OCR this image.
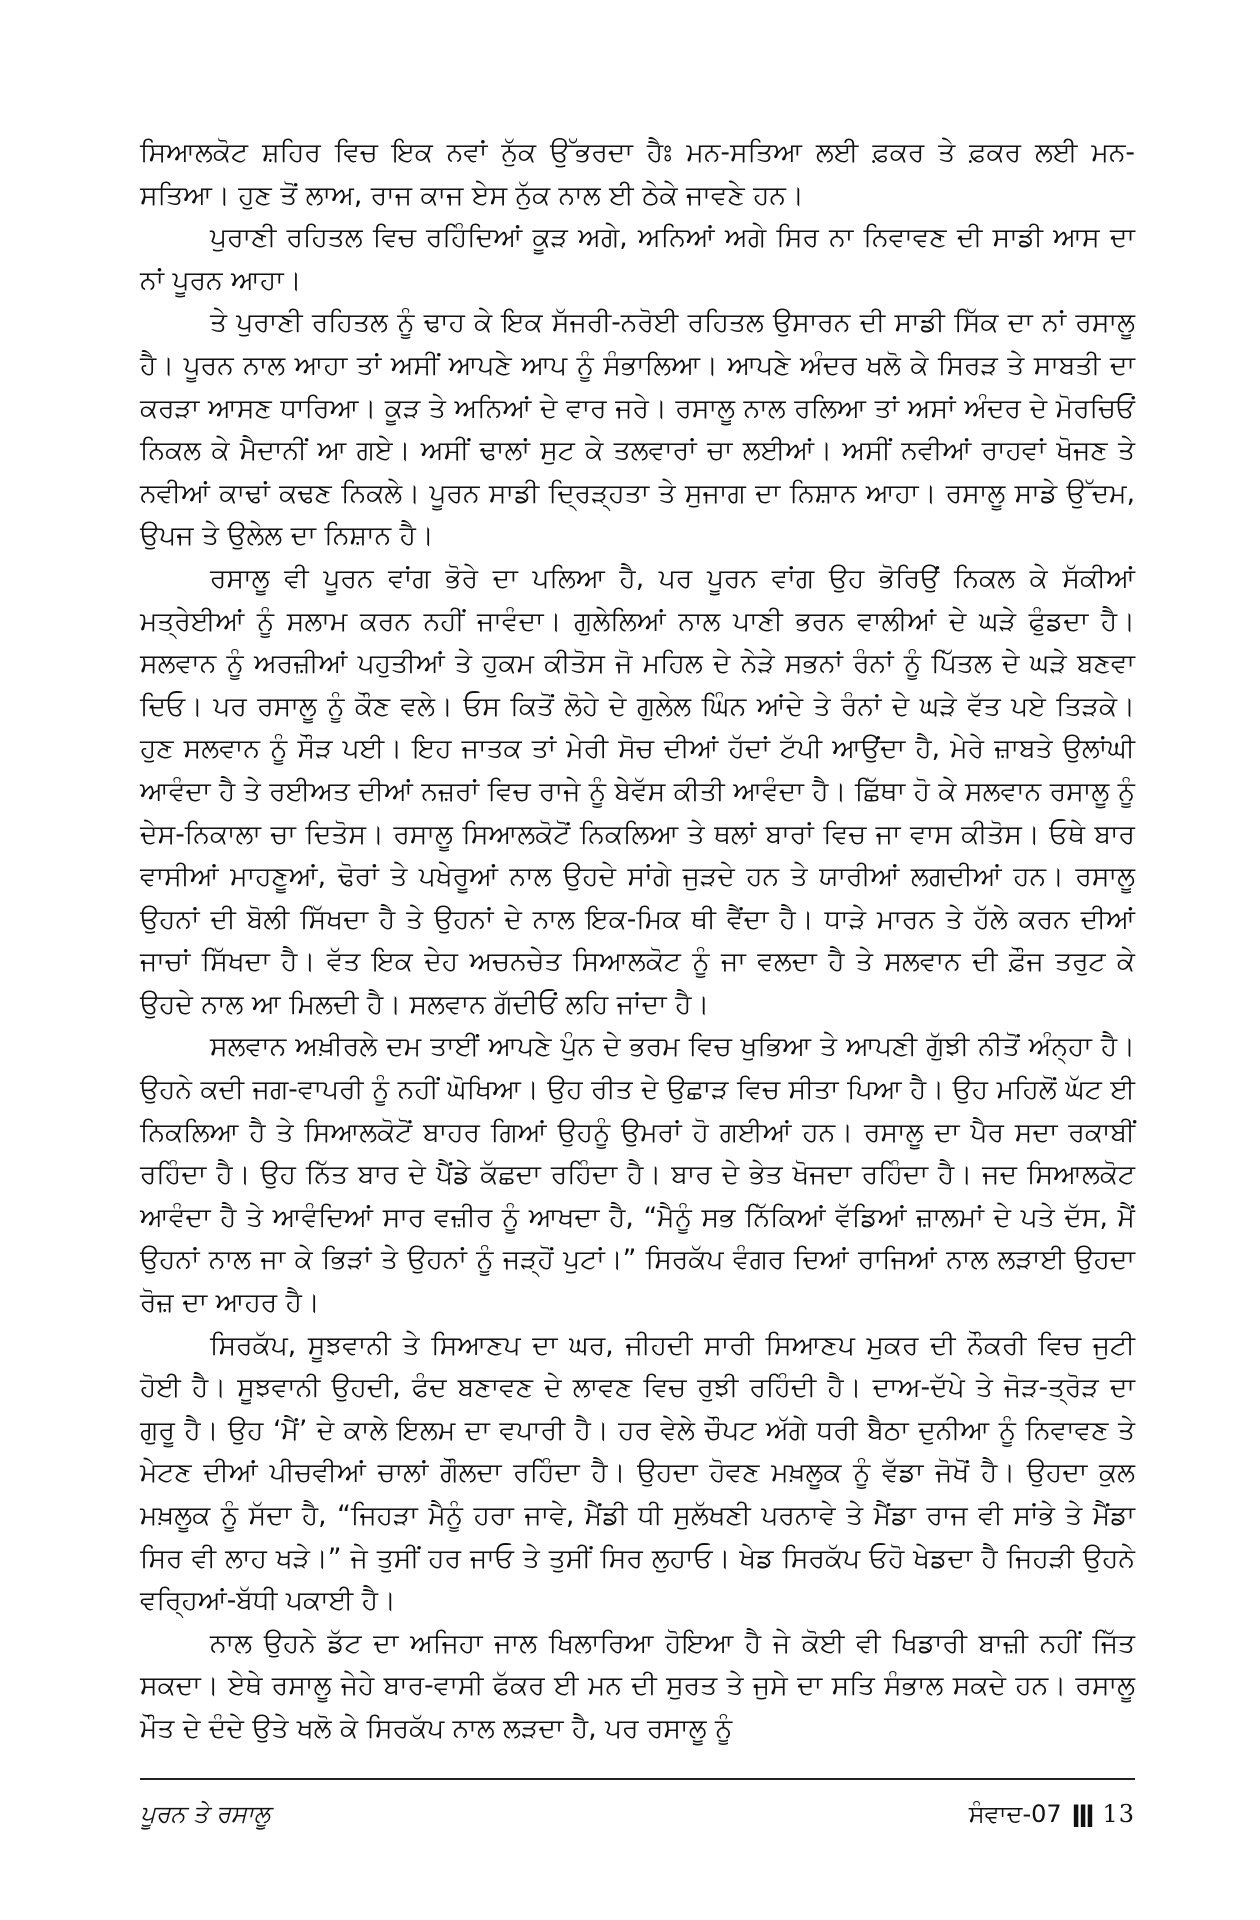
ਸਿਆਲਕੋਟ ਸ਼ਹਿਰ ਵਿਚ ਇਕ ਨਵਾਂ ਨੁੱਕ ਉੱਭਰਦਾ ਹੈਃ ਮਨ-ਸਤਿਆ ਲਈ ਫ਼ਕਰ ਤੇ ਫ਼ਕਰ ਲਈ ਮਨ-ਸਤਿਆ। ਹੁਣ ਤੋਂ ਲਾਅ, ਰਾਜ ਕਾਜ ਏਸ ਨੁੱਕ ਨਾਲ ਈ ਠੇਕੇ ਜਾਵਣੇ ਹਨ।

ਪੁਰਾਣੀ ਰਹਿਤਲ ਵਿਚ ਰਹਿੰਦਿਆਂ ਕੂੜ ਅਗੇ, ਅਨਿਆਂ ਅਗੇ ਸਿਰ ਨਾ ਨਿਵਾਵਣ ਦੀ ਸਾਡੀ ਆਸ ਦਾ ਨਾਂ ਪੂਰਨ ਆਹਾ।

ਤੇ ਪੁਰਾਣੀ ਰਹਿਤਲ ਨੂੰ ਢਾਹ ਕੇ ਇਕ ਸੱਜਰੀ-ਨਰੋਈ ਰਹਿਤਲ ਉਸਾਰਨ ਦੀ ਸਾਡੀ ਸਿੱਕ ਦਾ ਨਾਂ ਰਸਾਲੂ ਹੈ। ਪੂਰਨ ਨਾਲ ਆਹਾ ਤਾਂ ਅਸੀਂ ਆਪਣੇ ਆਪ ਨੂੰ ਸੰਭਾਲਿਆ। ਆਪਣੇ ਅੰਦਰ ਖਲੋ ਕੇ ਸਿਰੜ ਤੇ ਸਾਬਤੀ ਦਾ ਕਰੜਾ ਆਸਣ ਧਾਰਿਆ। ਕੂੜ ਤੇ ਅਨਿਆਂ ਦੇ ਵਾਰ ਜਰੇ। ਰਸਾਲੂ ਨਾਲ ਰਲਿਆ ਤਾਂ ਅਸਾਂ ਅੰਦਰ ਦੇ ਮੋਰਚਿਓਂ ਨਿਕਲ ਕੇ ਮੈਦਾਨੀਂ ਆ ਗਏ। ਅਸੀਂ ਢਾਲਾਂ ਸੁਟ ਕੇ ਤਲਵਾਰਾਂ ਚਾ ਲਈਆਂ। ਅਸੀਂ ਨਵੀਆਂ ਰਾਹਵਾਂ ਖੋਜਣ ਤੇ ਨਵੀਆਂ ਕਾਢਾਂ ਕਢਣ ਨਿਕਲੇ। ਪੂਰਨ ਸਾਡੀ ਦ੍ਰਿੜ੍ਹਤਾ ਤੇ ਸੁਜਾਗ ਦਾ ਨਿਸ਼ਾਨ ਆਹਾ। ਰਸਾਲੂ ਸਾਡੇ ਉੱਦਮ, ਉਪਜ ਤੇ ਉਲੇਲ ਦਾ ਨਿਸ਼ਾਨ ਹੈ।

ਰਸਾਲੂ ਵੀ ਪੂਰਨ ਵਾਂਗ ਭੋਰੇ ਦਾ ਪਲਿਆ ਹੈ, ਪਰ ਪੂਰਨ ਵਾਂਗ ਉਹ ਭੋਰਿਉਂ ਨਿਕਲ ਕੇ ਸੱਕੀਆਂ ਮਤ੍ਰੇਈਆਂ ਨੂੰ ਸਲਾਮ ਕਰਨ ਨਹੀਂ ਜਾਵੰਦਾ। ਗੁਲੇਲਿਆਂ ਨਾਲ ਪਾਣੀ ਭਰਨ ਵਾਲੀਆਂ ਦੇ ਘੜੇ ਫੁੰਡਦਾ ਹੈ। ਸਲਵਾਨ ਨੂੰ ਅਰਜ਼ੀਆਂ ਪਹੁਤੀਆਂ ਤੇ ਹੁਕਮ ਕੀਤੋਸ ਜੋ ਮਹਿਲ ਦੇ ਨੇੜੇ ਸਭਨਾਂ ਰੰਨਾਂ ਨੂੰ ਪਿੱਤਲ ਦੇ ਘੜੇ ਬਣਵਾ ਦਿਓ। ਪਰ ਰਸਾਲੂ ਨੂੰ ਕੌਣ ਵਲੇ। ਓਸ ਕਿਤੋਂ ਲੋਹੇ ਦੇ ਗੁਲੇਲ ਘਿੰਨ ਆਂਦੇ ਤੇ ਰੰਨਾਂ ਦੇ ਘੜੇ ਵੱਤ ਪਏ ਤਿੜਕੇ। ਹੁਣ ਸਲਵਾਨ ਨੂੰ ਸੌੜ ਪਈ। ਇਹ ਜਾਤਕ ਤਾਂ ਮੇਰੀ ਸੋਚ ਦੀਆਂ ਹੱਦਾਂ ਟੱਪੀ ਆਉਂਦਾ ਹੈ, ਮੇਰੇ ਜ਼ਾਬਤੇ ਉਲਾਂਘੀ ਆਵੰਦਾ ਹੈ ਤੇ ਰਈਅਤ ਦੀਆਂ ਨਜ਼ਰਾਂ ਵਿਚ ਰਾਜੇ ਨੂੰ ਬੇਵੱਸ ਕੀਤੀ ਆਵੰਦਾ ਹੈ। ਛਿੱਥਾ ਹੋ ਕੇ ਸਲਵਾਨ ਰਸਾਲੂ ਨੂੰ ਦੇਸ-ਨਿਕਾਲਾ ਚਾ ਦਿਤੋਸ। ਰਸਾਲੂ ਸਿਆਲਕੋਟੋਂ ਨਿਕਲਿਆ ਤੇ ਥਲਾਂ ਬਾਰਾਂ ਵਿਚ ਜਾ ਵਾਸ ਕੀਤੋਸ। ਓਥੇ ਬਾਰ ਵਾਸੀਆਂ ਮਾਹਣੂਆਂ, ਢੋਰਾਂ ਤੇ ਪਖੇਰੂਆਂ ਨਾਲ ਉਹਦੇ ਸਾਂਗੇ ਜੁੜਦੇ ਹਨ ਤੇ ਯਾਰੀਆਂ ਲਗਦੀਆਂ ਹਨ। ਰਸਾਲੂ ਉਹਨਾਂ ਦੀ ਬੋਲੀ ਸਿੱਖਦਾ ਹੈ ਤੇ ਉਹਨਾਂ ਦੇ ਨਾਲ ਇਕ-ਮਿਕ ਥੀ ਵੈਂਦਾ ਹੈ। ਧਾੜੇ ਮਾਰਨ ਤੇ ਹੱਲੇ ਕਰਨ ਦੀਆਂ ਜਾਚਾਂ ਸਿੱਖਦਾ ਹੈ। ਵੱਤ ਇਕ ਦੇਹ ਅਚਨਚੇਤ ਸਿਆਲਕੋਟ ਨੂੰ ਜਾ ਵਲਦਾ ਹੈ ਤੇ ਸਲਵਾਨ ਦੀ ਫ਼ੌਜ ਤਰੁਟ ਕੇ ਉਹਦੇ ਨਾਲ ਆ ਮਿਲਦੀ ਹੈ। ਸਲਵਾਨ ਗੱਦੀਓਂ ਲਹਿ ਜਾਂਦਾ ਹੈ।

ਸਲਵਾਨ ਅਖ਼ੀਰਲੇ ਦਮ ਤਾਈਂ ਆਪਣੇ ਪੁੰਨ ਦੇ ਭਰਮ ਵਿਚ ਖੁਭਿਆ ਤੇ ਆਪਣੀ ਗੁੱਝੀ ਨੀਤੋਂ ਅੰਨ੍ਹਾ ਹੈ। ਉਹਨੇ ਕਦੀ ਜਗ-ਵਾਪਰੀ ਨੂੰ ਨਹੀਂ ਘੋਖਿਆ। ਉਹ ਰੀਤ ਦੇ ਉਛਾੜ ਵਿਚ ਸੀਤਾ ਪਿਆ ਹੈ। ਉਹ ਮਹਿਲੋਂ ਘੱਟ ਈ ਨਿਕਲਿਆ ਹੈ ਤੇ ਸਿਆਲਕੋਟੋਂ ਬਾਹਰ ਗਿਆਂ ਉਹਨੂੰ ਉਮਰਾਂ ਹੋ ਗਈਆਂ ਹਨ। ਰਸਾਲੂ ਦਾ ਪੈਰ ਸਦਾ ਰਕਾਬੀਂ ਰਹਿੰਦਾ ਹੈ। ਉਹ ਨਿੱਤ ਬਾਰ ਦੇ ਪੈਂਡੇ ਕੱਛਦਾ ਰਹਿੰਦਾ ਹੈ। ਬਾਰ ਦੇ ਭੇਤ ਖੋਜਦਾ ਰਹਿੰਦਾ ਹੈ। ਜਦ ਸਿਆਲਕੋਟ ਆਵੰਦਾ ਹੈ ਤੇ ਆਵੰਦਿਆਂ ਸਾਰ ਵਜ਼ੀਰ ਨੂੰ ਆਖਦਾ ਹੈ, “ਮੈਨੂੰ ਸਭ ਨਿੱਕਿਆਂ ਵੱਡਿਆਂ ਜ਼ਾਲਮਾਂ ਦੇ ਪਤੇ ਦੱਸ, ਮੈਂ ਉਹਨਾਂ ਨਾਲ ਜਾ ਕੇ ਭਿੜਾਂ ਤੇ ਉਹਨਾਂ ਨੂੰ ਜੜ੍ਹੋਂ ਪੁਟਾਂ।” ਸਿਰਕੱਪ ਵੰਗਰ ਦਿਆਂ ਰਾਜਿਆਂ ਨਾਲ ਲੜਾਈ ਉਹਦਾ ਰੋਜ਼ ਦਾ ਆਹਰ ਹੈ।

ਸਿਰਕੱਪ, ਸੂਝਵਾਨੀ ਤੇ ਸਿਆਣਪ ਦਾ ਘਰ, ਜੀਹਦੀ ਸਾਰੀ ਸਿਆਣਪ ਮੁਕਰ ਦੀ ਨੌਕਰੀ ਵਿਚ ਜੁਟੀ ਹੋਈ ਹੈ। ਸੂਝਵਾਨੀ ਉਹਦੀ, ਫੰਦ ਬਣਾਵਣ ਦੇ ਲਾਵਣ ਵਿਚ ਰੁਝੀ ਰਹਿੰਦੀ ਹੈ। ਦਾਅ-ਦੱਪੇ ਤੇ ਜੋੜ-ਤ੍ਰੋੜ ਦਾ ਗੁਰੂ ਹੈ। ਉਹ ‘ਮੈਂ’ ਦੇ ਕਾਲੇ ਇਲਮ ਦਾ ਵਪਾਰੀ ਹੈ। ਹਰ ਵੇਲੇ ਚੌਪਟ ਅੱਗੇ ਧਰੀ ਬੈਠਾ ਦੁਨੀਆ ਨੂੰ ਨਿਵਾਵਣ ਤੇ ਮੇਟਣ ਦੀਆਂ ਪੀਚਵੀਆਂ ਚਾਲਾਂ ਗੌਲਦਾ ਰਹਿੰਦਾ ਹੈ। ਉਹਦਾ ਹੋਵਣ ਮਖ਼ਲੂਕ ਨੂੰ ਵੱਡਾ ਜੋਖੋਂ ਹੈ। ਉਹਦਾ ਕੁਲ ਮਖ਼ਲੂਕ ਨੂੰ ਸੱਦਾ ਹੈ, “ਜਿਹੜਾ ਮੈਨੂੰ ਹਰਾ ਜਾਵੇ, ਮੈਂਡੀ ਧੀ ਸੁਲੱਖਣੀ ਪਰਨਾਵੇ ਤੇ ਮੈਂਡਾ ਰਾਜ ਵੀ ਸਾਂਭੇ ਤੇ ਮੈਂਡਾ ਸਿਰ ਵੀ ਲਾਹ ਖੜੇ।” ਜੇ ਤੁਸੀਂ ਹਰ ਜਾਓ ਤੇ ਤੁਸੀਂ ਸਿਰ ਲੁਹਾਓ। ਖੇਡ ਸਿਰਕੱਪ ਓਹੋ ਖੇਡਦਾ ਹੈ ਜਿਹੜੀ ਉਹਨੇ ਵਰ੍ਹਿਆਂ-ਬੱਧੀ ਪਕਾਈ ਹੈ।

ਨਾਲ ਉਹਨੇ ਡੱਟ ਦਾ ਅਜਿਹਾ ਜਾਲ ਖਿਲਾਰਿਆ ਹੋਇਆ ਹੈ ਜੇ ਕੋਈ ਵੀ ਖਿਡਾਰੀ ਬਾਜ਼ੀ ਨਹੀਂ ਜਿੱਤ ਸਕਦਾ। ਏਥੇ ਰਸਾਲੂ ਜੇਹੇ ਬਾਰ-ਵਾਸੀ ਫੱਕਰ ਈ ਮਨ ਦੀ ਸੁਰਤ ਤੇ ਜੁਸੇ ਦਾ ਸਤਿ ਸੰਭਾਲ ਸਕਦੇ ਹਨ। ਰਸਾਲੂ ਮੌਤ ਦੇ ਦੰਦੇ ਉਤੇ ਖਲੋ ਕੇ ਸਿਰਕੱਪ ਨਾਲ ਲੜਦਾ ਹੈ, ਪਰ ਰਸਾਲੂ ਨੂੰ

ਪੂਰਨ ਤੇ ਰਸਾਲੂ	ਸੰਵਾਦ-07 ǀǀǀ 13
